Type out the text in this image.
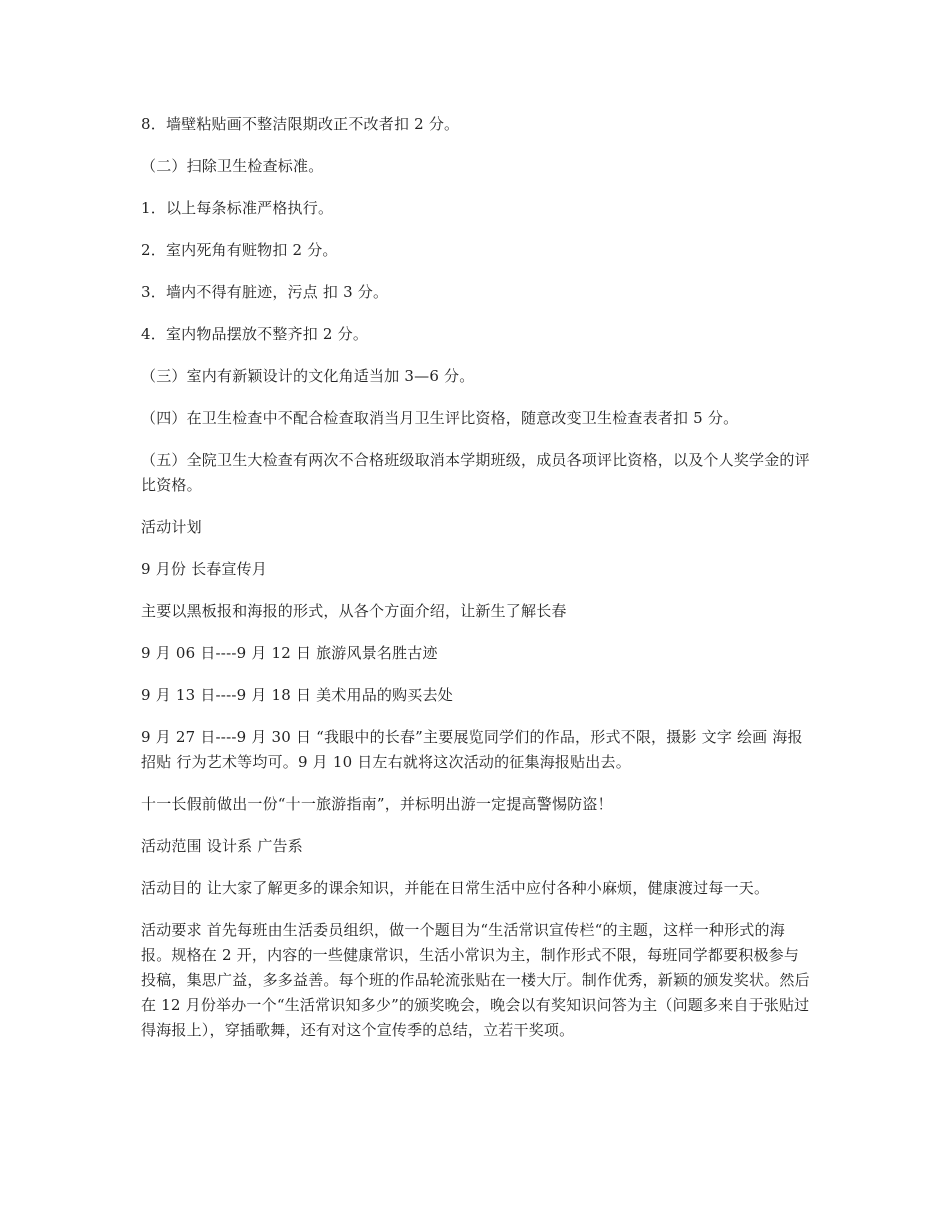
8．墙壁粘贴画不整洁限期改正不改者扣 2 分。

（二）扫除卫生检查标准。

1．以上每条标准严格执行。

2．室内死角有赃物扣 2 分。

3．墙内不得有脏迹，污点 扣 3 分。

4．室内物品摆放不整齐扣 2 分。

（三）室内有新颖设计的文化角适当加 3—6 分。

（四）在卫生检查中不配合检查取消当月卫生评比资格，随意改变卫生检查表者扣 5 分。

（五）全院卫生大检查有两次不合格班级取消本学期班级，成员各项评比资格，以及个人奖学金的评比资格。

活动计划

9 月份 长春宣传月

主要以黑板报和海报的形式，从各个方面介绍，让新生了解长春

9 月 06 日----9 月 12 日 旅游风景名胜古迹

9 月 13 日----9 月 18 日 美术用品的购买去处

9 月 27 日----9 月 30 日 “我眼中的长春”主要展览同学们的作品，形式不限，摄影 文字 绘画 海报 招贴 行为艺术等均可。9 月 10 日左右就将这次活动的征集海报贴出去。

十一长假前做出一份“十一旅游指南”，并标明出游一定提高警惕防盗！

活动范围 设计系 广告系

活动目的 让大家了解更多的课余知识，并能在日常生活中应付各种小麻烦，健康渡过每一天。

活动要求 首先每班由生活委员组织，做一个题目为“生活常识宣传栏“的主题，这样一种形式的海报。规格在 2 开，内容的一些健康常识，生活小常识为主，制作形式不限，每班同学都要积极参与投稿，集思广益，多多益善。每个班的作品轮流张贴在一楼大厅。制作优秀，新颖的颁发奖状。然后在 12 月份举办一个“生活常识知多少”的颁奖晚会，晚会以有奖知识问答为主（问题多来自于张贴过得海报上），穿插歌舞，还有对这个宣传季的总结，立若干奖项。
